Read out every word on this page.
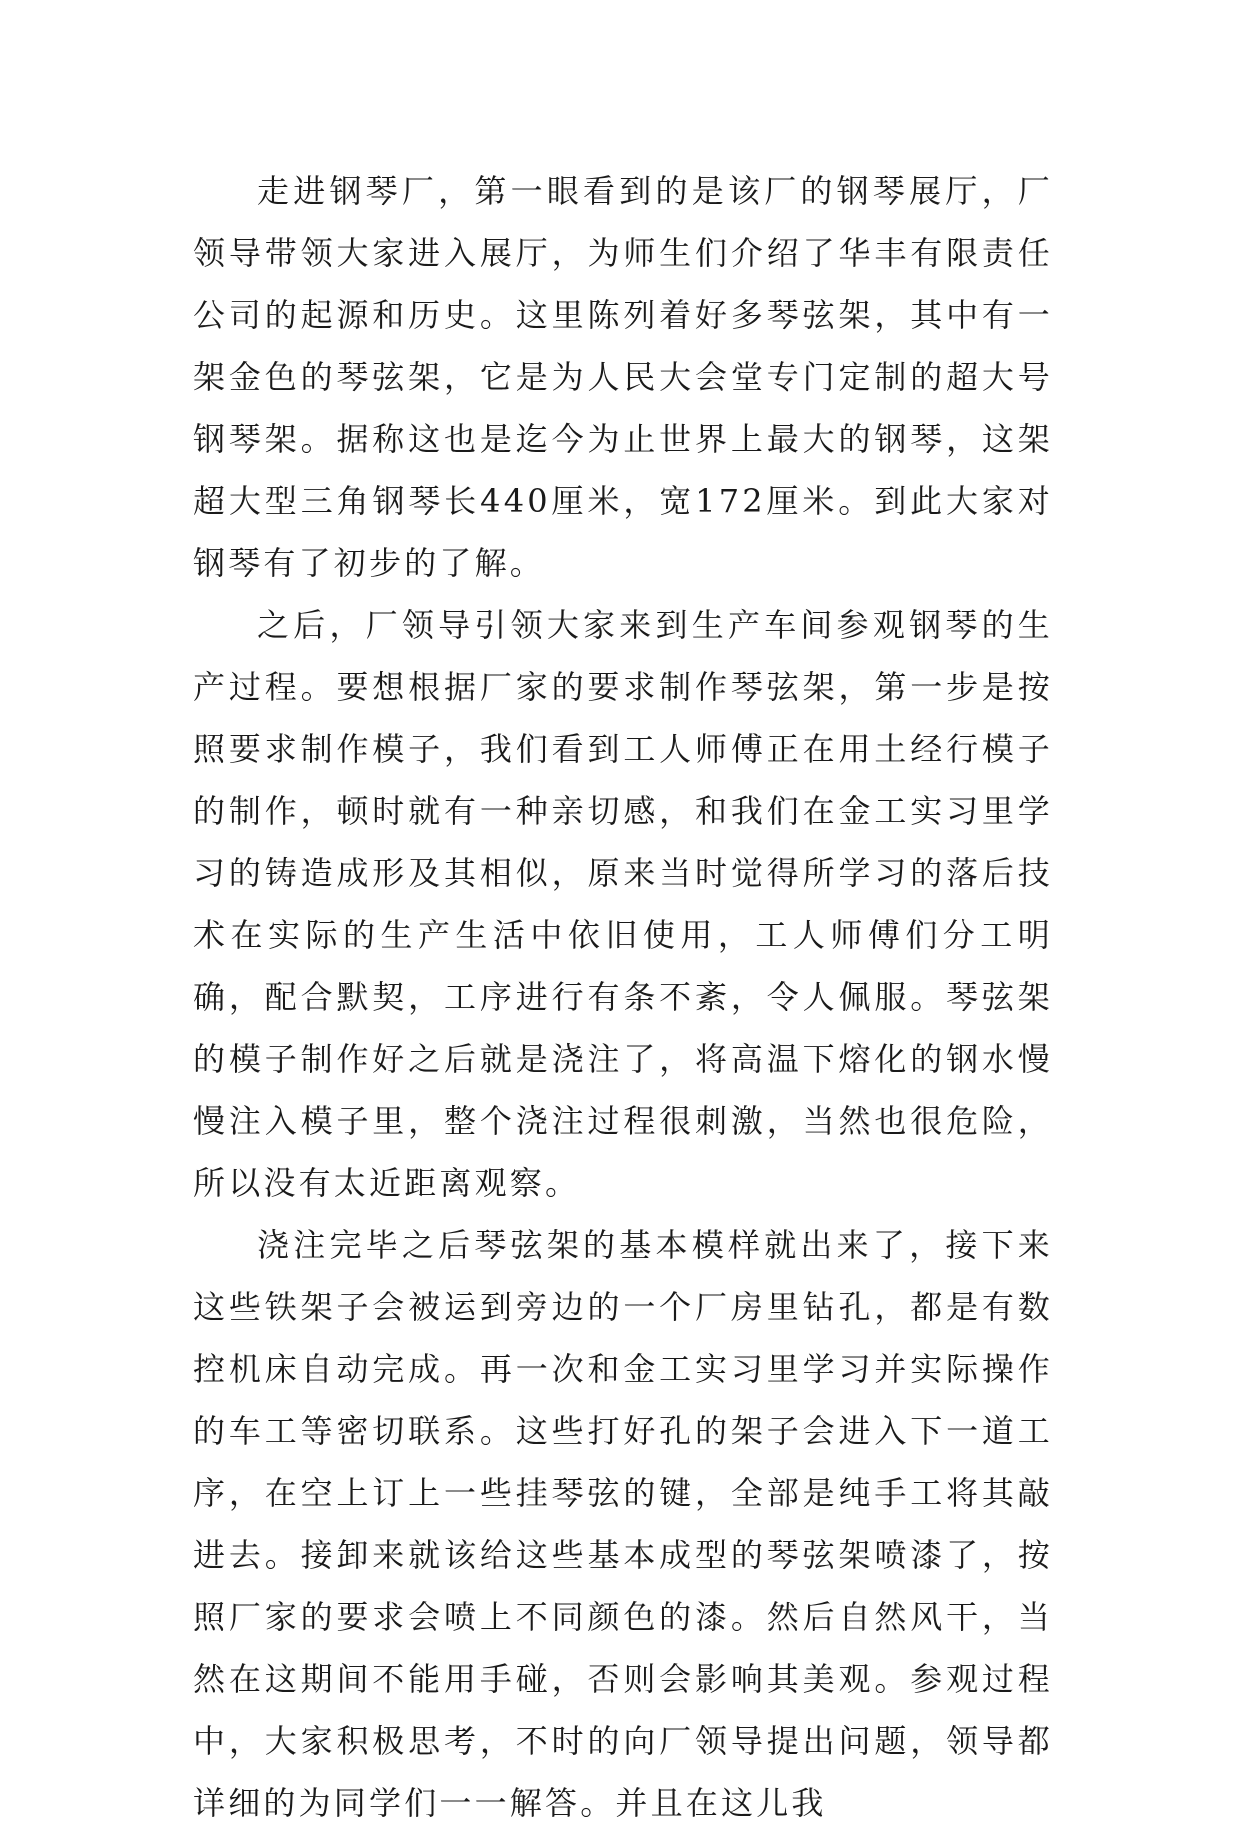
走进钢琴厂，第一眼看到的是该厂的钢琴展厅，厂领导带领大家进入展厅，为师生们介绍了华丰有限责任公司的起源和历史。这里陈列着好多琴弦架，其中有一架金色的琴弦架，它是为人民大会堂专门定制的超大号钢琴架。据称这也是迄今为止世界上最大的钢琴，这架超大型三角钢琴长440厘米，宽172厘米。到此大家对钢琴有了初步的了解。

之后，厂领导引领大家来到生产车间参观钢琴的生产过程。要想根据厂家的要求制作琴弦架，第一步是按照要求制作模子，我们看到工人师傅正在用土经行模子的制作，顿时就有一种亲切感，和我们在金工实习里学习的铸造成形及其相似，原来当时觉得所学习的落后技术在实际的生产生活中依旧使用，工人师傅们分工明确，配合默契，工序进行有条不紊，令人佩服。琴弦架的模子制作好之后就是浇注了，将高温下熔化的钢水慢慢注入模子里，整个浇注过程很刺激，当然也很危险，所以没有太近距离观察。

浇注完毕之后琴弦架的基本模样就出来了，接下来这些铁架子会被运到旁边的一个厂房里钻孔，都是有数控机床自动完成。再一次和金工实习里学习并实际操作的车工等密切联系。这些打好孔的架子会进入下一道工序，在空上订上一些挂琴弦的键，全部是纯手工将其敲进去。接卸来就该给这些基本成型的琴弦架喷漆了，按照厂家的要求会喷上不同颜色的漆。然后自然风干，当然在这期间不能用手碰，否则会影响其美观。参观过程中，大家积极思考，不时的向厂领导提出问题，领导都详细的为同学们一一解答。并且在这儿我
